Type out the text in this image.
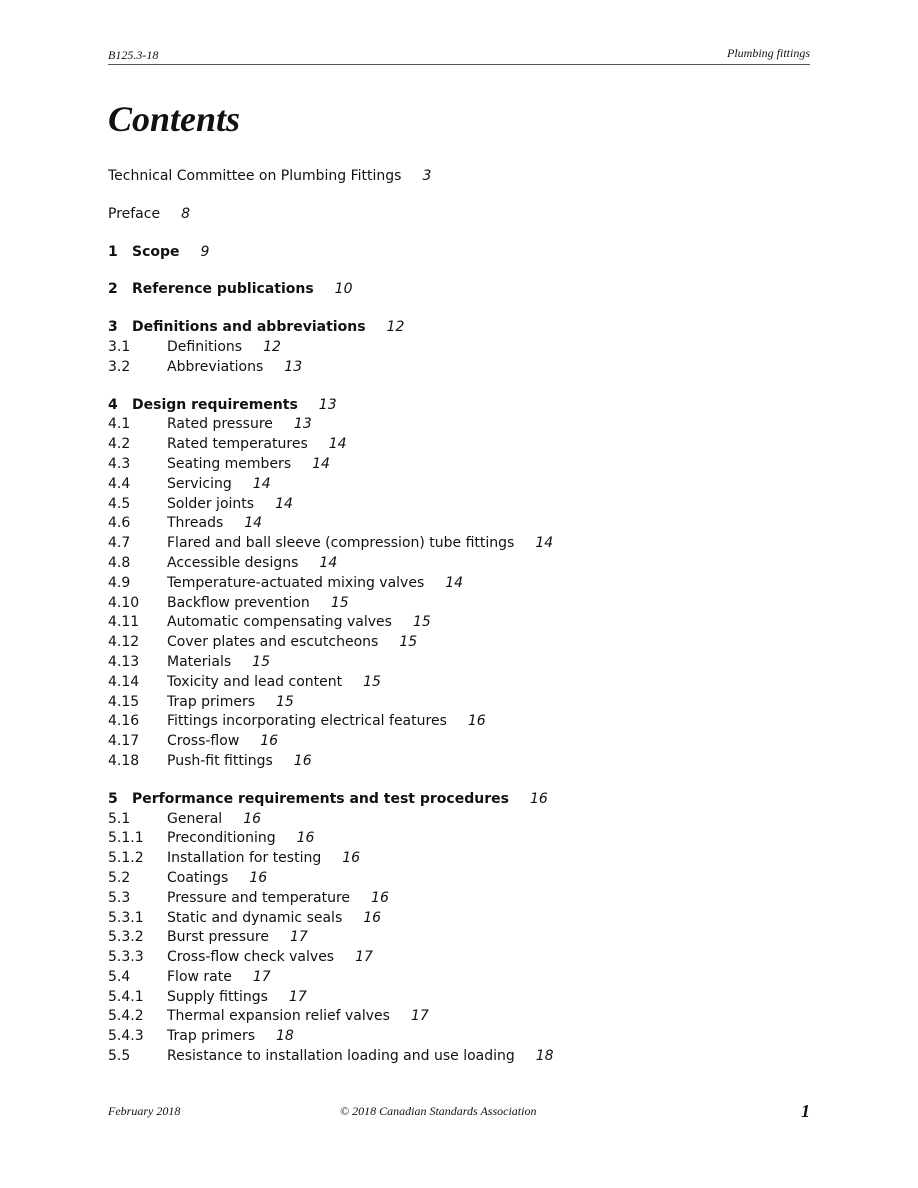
B125.3-18	Plumbing fittings
Contents
Technical Committee on Plumbing Fittings 3
Preface 8
1	Scope 9
2	Reference publications 10
3	Definitions and abbreviations 12
3.1	Definitions 12
3.2	Abbreviations 13
4	Design requirements 13
4.1	Rated pressure 13
4.2	Rated temperatures 14
4.3	Seating members 14
4.4	Servicing 14
4.5	Solder joints 14
4.6	Threads 14
4.7	Flared and ball sleeve (compression) tube fittings 14
4.8	Accessible designs 14
4.9	Temperature-actuated mixing valves 14
4.10	Backflow prevention 15
4.11	Automatic compensating valves 15
4.12	Cover plates and escutcheons 15
4.13	Materials 15
4.14	Toxicity and lead content 15
4.15	Trap primers 15
4.16	Fittings incorporating electrical features 16
4.17	Cross-flow 16
4.18	Push-fit fittings 16
5	Performance requirements and test procedures 16
5.1	General 16
5.1.1	Preconditioning 16
5.1.2	Installation for testing 16
5.2	Coatings 16
5.3	Pressure and temperature 16
5.3.1	Static and dynamic seals 16
5.3.2	Burst pressure 17
5.3.3	Cross-flow check valves 17
5.4	Flow rate 17
5.4.1	Supply fittings 17
5.4.2	Thermal expansion relief valves 17
5.4.3	Trap primers 18
5.5	Resistance to installation loading and use loading 18
February 2018	© 2018 Canadian Standards Association	1
